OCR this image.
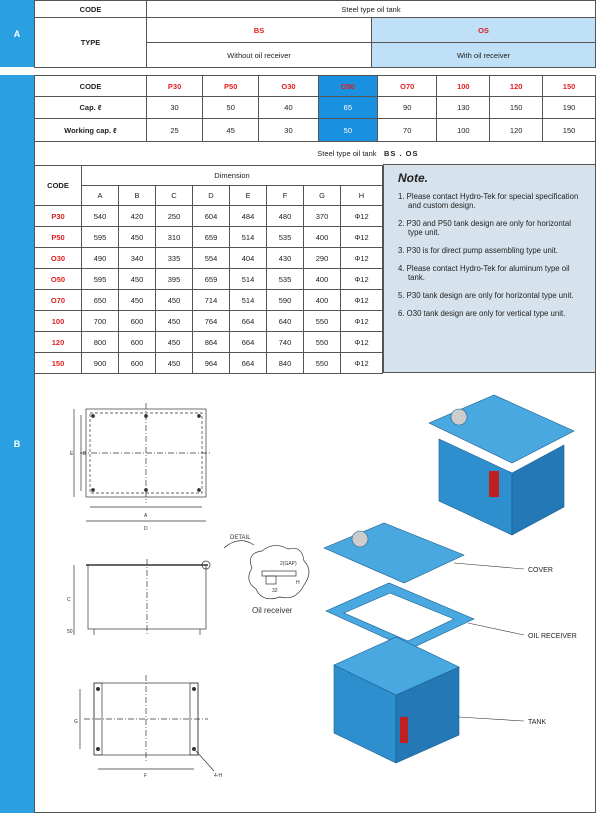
A
B
CODE	Steel type oil tank	
TYPE	BS	OS
	Without oil receiver	With oil receiver
CODE	P30	P50	O30	O50	O70	100	120	150
Cap. ℓ	30	50	40	65	90	130	150	190
Working cap. ℓ	25	45	30	50	70	100	120	150
Steel type oil tank								
CODE	Dimension							
	A	B	C	D	E	F	G	H
P30	540	420	250	604	484	480	370	Φ12
P50	595	450	310	659	514	535	400	Φ12
O30	490	340	335	554	404	430	290	Φ12
O50	595	450	395	659	514	535	400	Φ12
O70	650	450	450	714	514	590	400	Φ12
100	700	600	450	764	664	640	550	Φ12
120	800	600	450	864	664	740	550	Φ12
150	900	600	450	964	664	840	550	Φ12
BS . OS
Note.
1. Please contact Hydro-Tek for special specification and custom design.
2. P30 and P50 tank design are only for horizontal type unit.
3. P30 is for direct pump assembling type unit.
4. Please contact Hydro-Tek for aluminum type oil tank.
5. P30 tank design are only for horizontal type unit.
6. O30 tank design are only for vertical type unit.
A
D
E B
C
50
G
F	4-H
DETAIL
2(GAP)
32
H
Oil receiver
COVER
OIL RECEIVER
TANK
